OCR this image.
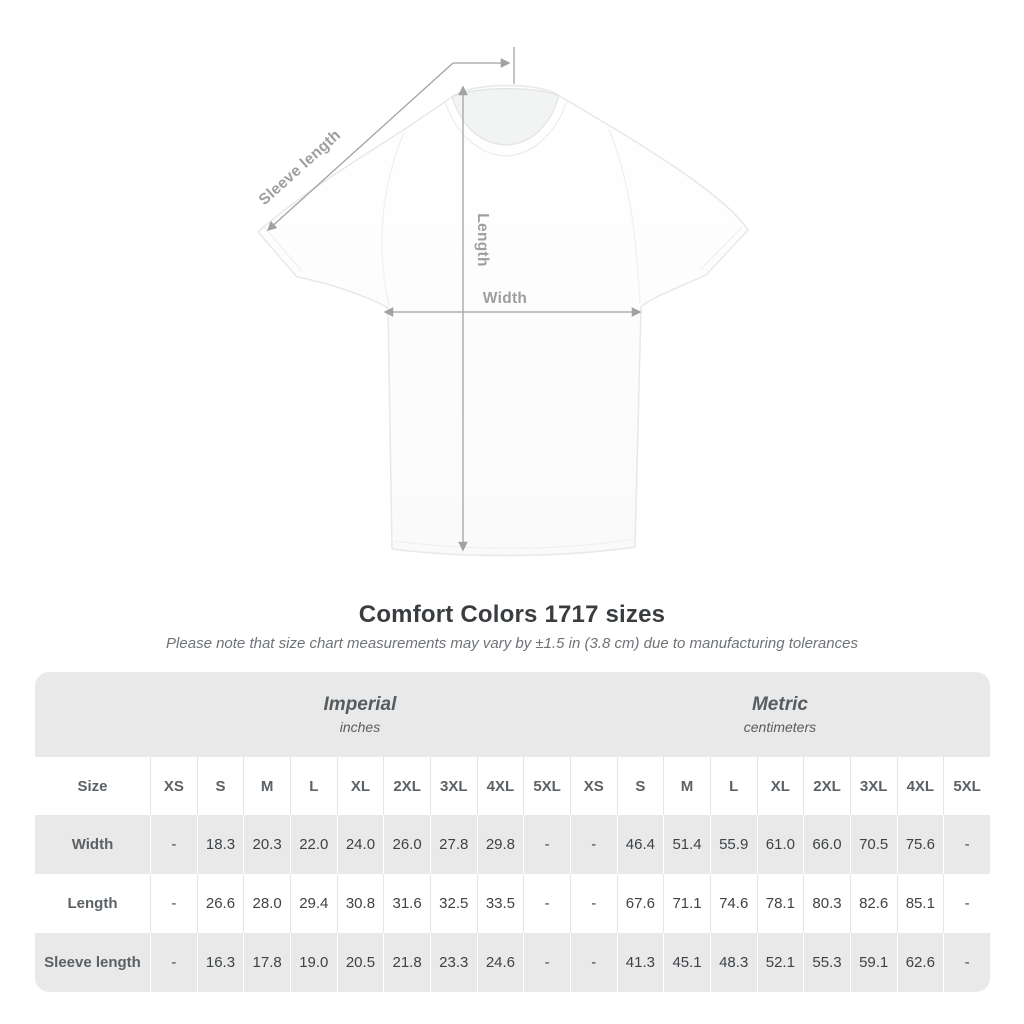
Sleeve length
Length
Width
Comfort Colors 1717 sizes

Please note that size chart measurements may vary by ±1.5 in (3.8 cm) due to manufacturing tolerances

Imperial
inches

Metric
centimeters

Size	XS	S	M	L	XL	2XL	3XL	4XL	5XL	XS	S	M	L	XL	2XL	3XL	4XL	5XL
Width	-	18.3	20.3	22.0	24.0	26.0	27.8	29.8	-	-	46.4	51.4	55.9	61.0	66.0	70.5	75.6	-
Length	-	26.6	28.0	29.4	30.8	31.6	32.5	33.5	-	-	67.6	71.1	74.6	78.1	80.3	82.6	85.1	-
Sleeve length	-	16.3	17.8	19.0	20.5	21.8	23.3	24.6	-	-	41.3	45.1	48.3	52.1	55.3	59.1	62.6	-
